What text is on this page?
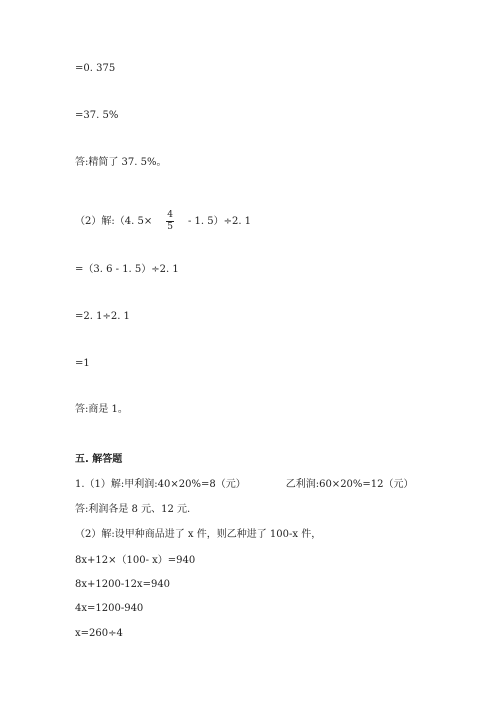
=0. 375
=37. 5%
答:精简了 37. 5%。
（2）解:（4. $5\times \frac{4}{5} - 1$. 5）÷2. 1
=（3. 6 - 1. 5）÷2. 1
=2. 1÷2. 1
=1
答:商是 1。
五. 解答题
1.（1）解:甲利润:40×20%=8（元）	乙利润:60×20%=12（元）
答:利润各是 8 元、12 元.
（2）解:设甲种商品进了 x 件，则乙种进了 100-x 件，
8x+12×（100- x）=940
8x+1200-12x=940
4x=1200-940
x=260÷4
